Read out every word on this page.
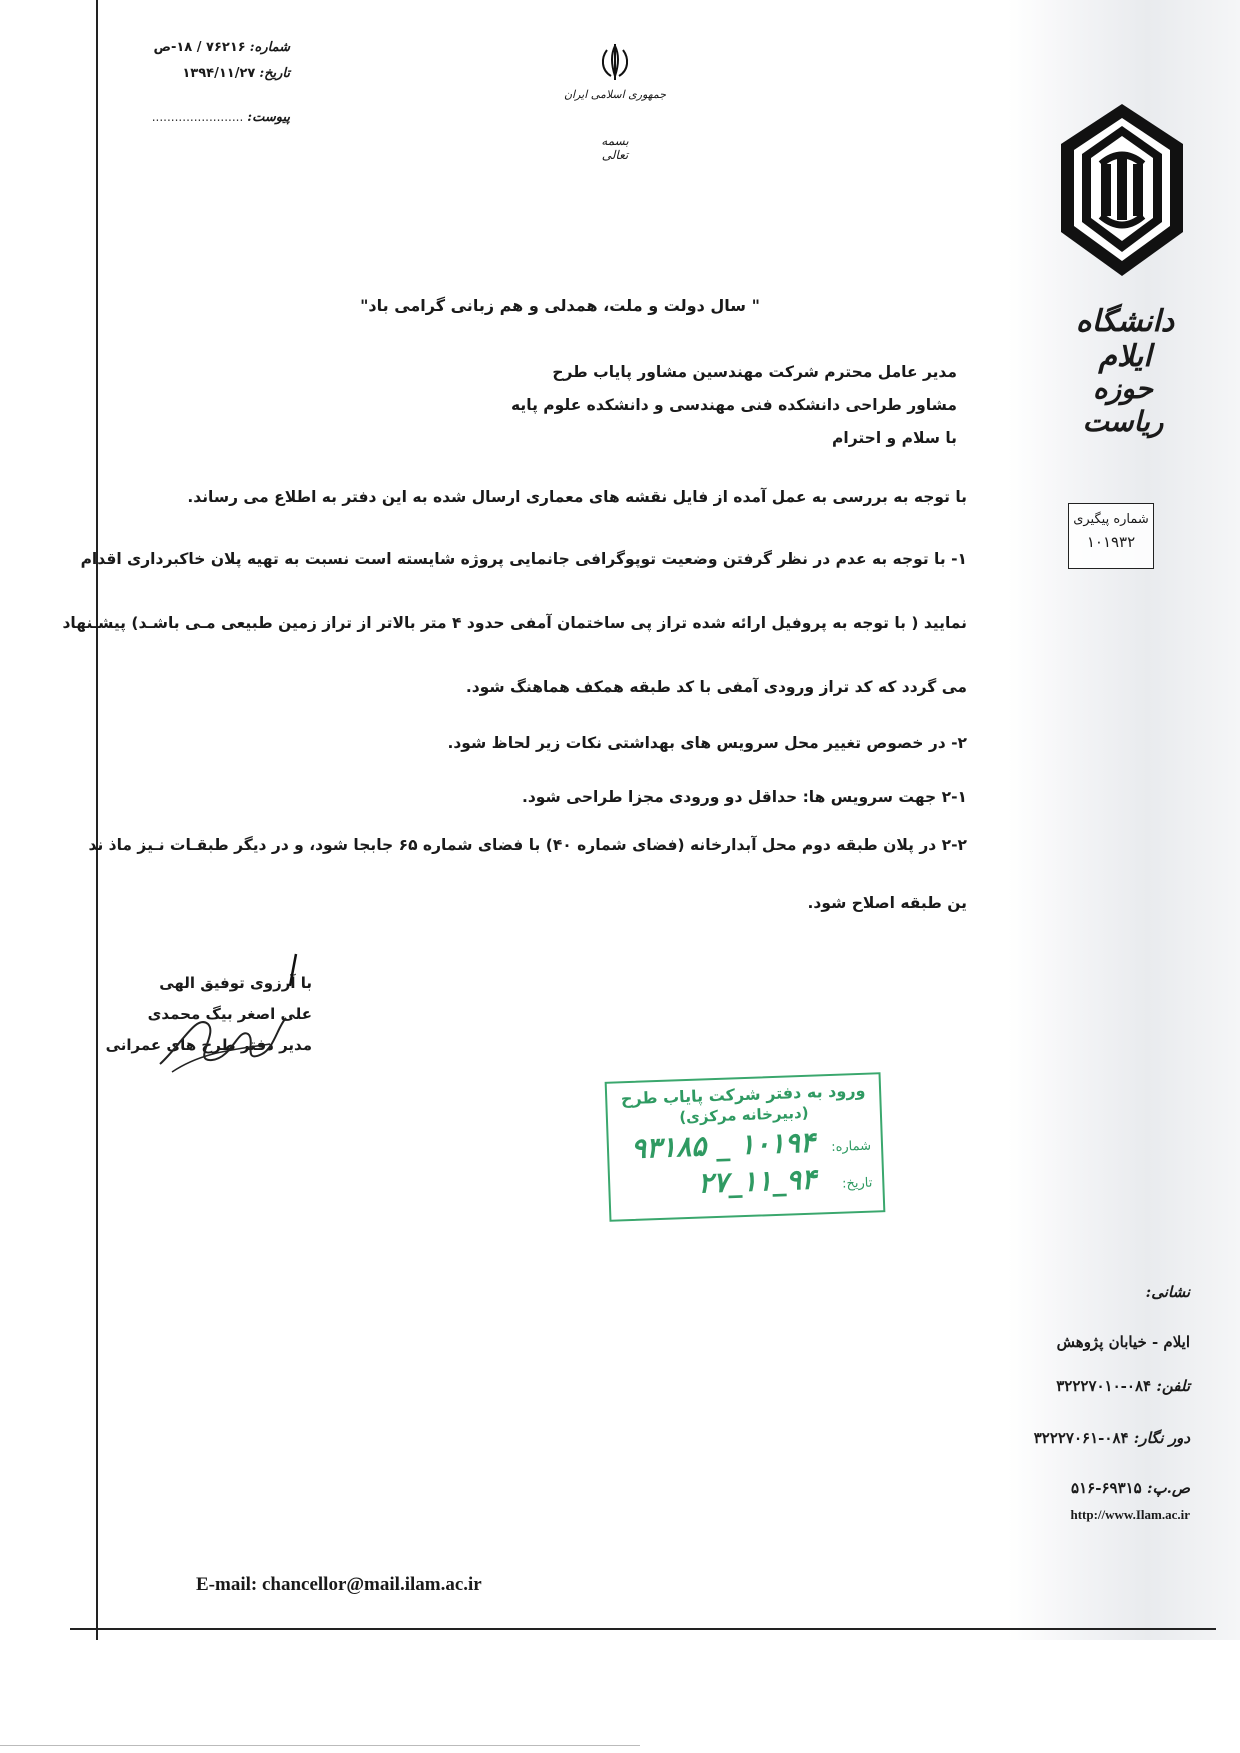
شماره:
۷۶۲۱۶ / ۱۸-ص
تاریخ:
۱۳۹۴/۱۱/۲۷
پیوست:
........................
جمهوری اسلامی ایران
بسمه تعالی
دانشگاه ایلام
حوزه ریاست
شماره پیگیری
۱۰۱۹۳۲
" سال دولت و ملت، همدلی و هم زبانی گرامی باد"
مدیر عامل محترم شرکت مهندسین مشاور پایاب طرح
مشاور طراحی دانشکده فنی مهندسی و دانشکده علوم پایه
با سلام و احترام
با توجه به بررسی به عمل آمده از فایل نقشه های معماری ارسال شده به این دفتر به اطلاع می رساند.
۱- با توجه به عدم در نظر گرفتن وضعیت توپوگرافی جانمایی پروژه شایسته است نسبت به تهیه پلان خاکبرداری اقدام
نمایید ( با توجه به پروفیل ارائه شده تراز پی ساختمان آمفی حدود ۴ متر بالاتر از تراز زمین طبیعی مـی باشـد) پیشـنهاد
می گردد که کد تراز ورودی آمفی با کد طبقه همکف هماهنگ شود.
۲- در خصوص تغییر محل سرویس های بهداشتی نکات زیر لحاظ شود.
۲-۱ جهت سرویس ها: حداقل دو ورودی مجزا طراحی شود.
۲-۲ در پلان طبقه دوم محل آبدارخانه (فضای شماره ۴۰) با فضای شماره ۶۵ جابجا شود، و در دیگر طبقـات نـیز ماذ ند
ین طبقه اصلاح شود.
با آرزوی توفیق الهی
علی اصغر بیگ محمدی
مدیر دفتر طرح های عمرانی
ورود به دفتر شرکت پایاب طرح
(دبیرخانه مرکزی)
شماره:
۱۰۱۹۴ _ ۹۳۱۸۵
تاریخ:
۹۴_۱۱_۲۷
نشانی:
ایلام - خیابان پژوهش
تلفن: ۰۸۴-۳۲۲۲۷۰۱۰
دور نگار: ۰۸۴-۳۲۲۲۷۰۶۱
ص.پ: ۶۹۳۱۵-۵۱۶
http://www.Ilam.ac.ir
E-mail: chancellor@mail.ilam.ac.ir
